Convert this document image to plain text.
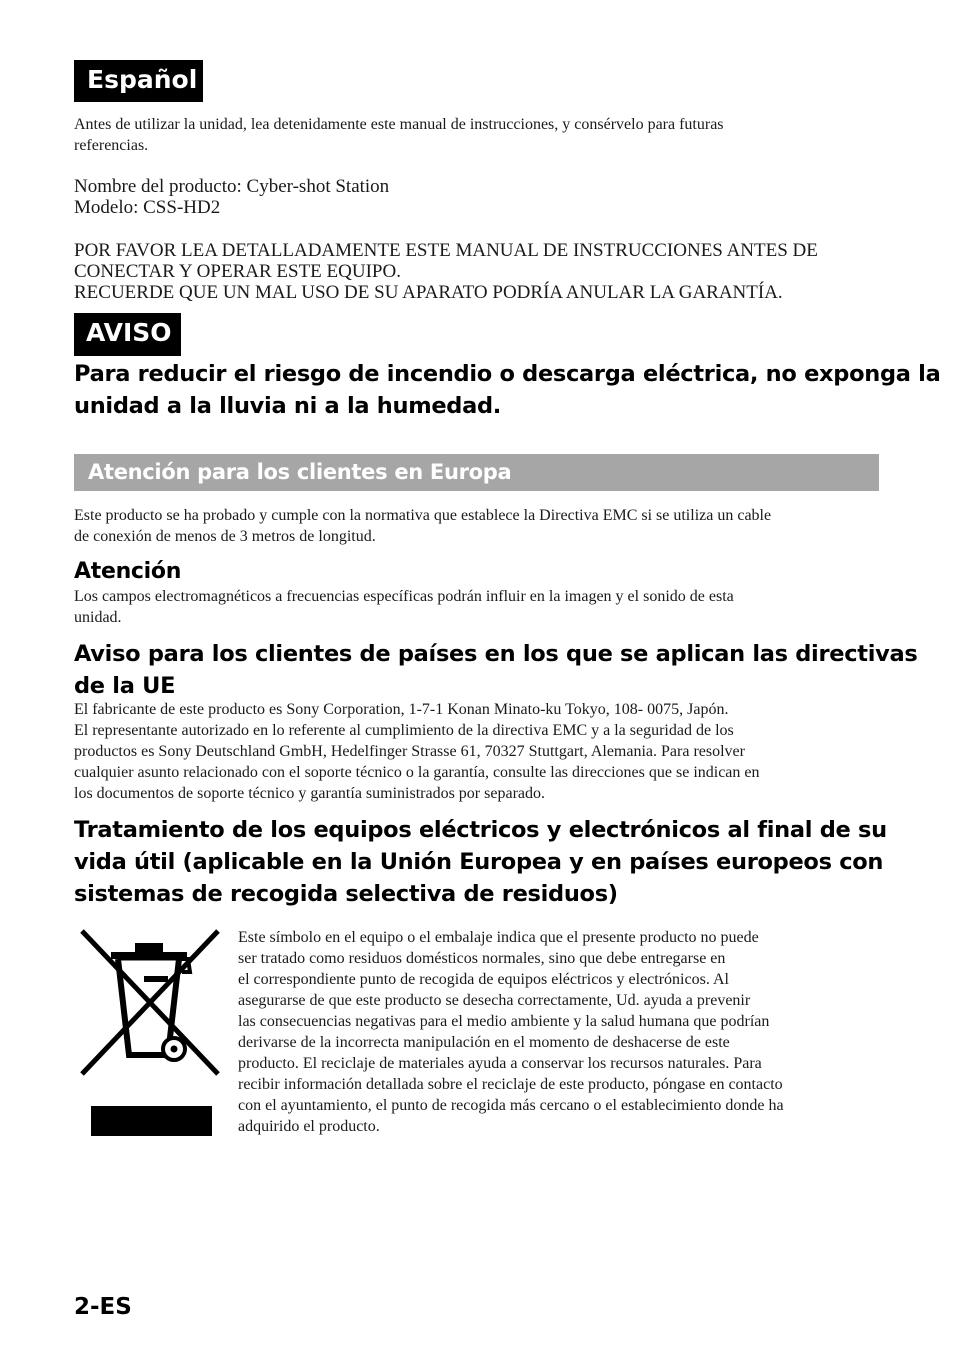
Español
Antes de utilizar la unidad, lea detenidamente este manual de instrucciones, y consérvelo para futuras
referencias.
Nombre del producto: Cyber-shot Station
Modelo: CSS-HD2
POR FAVOR LEA DETALLADAMENTE ESTE MANUAL DE INSTRUCCIONES ANTES DE
CONECTAR Y OPERAR ESTE EQUIPO.
RECUERDE QUE UN MAL USO DE SU APARATO PODRÍA ANULAR LA GARANTÍA.
AVISO
Para reducir el riesgo de incendio o descarga eléctrica, no exponga la
unidad a la lluvia ni a la humedad.
Atención para los clientes en Europa
Este producto se ha probado y cumple con la normativa que establece la Directiva EMC si se utiliza un cable
de conexión de menos de 3 metros de longitud.
Atención
Los campos electromagnéticos a frecuencias específicas podrán influir en la imagen y el sonido de esta
unidad.
Aviso para los clientes de países en los que se aplican las directivas
de la UE
El fabricante de este producto es Sony Corporation, 1-7-1 Konan Minato-ku Tokyo, 108- 0075, Japón.
El representante autorizado en lo referente al cumplimiento de la directiva EMC y a la seguridad de los
productos es Sony Deutschland GmbH, Hedelfinger Strasse 61, 70327 Stuttgart, Alemania. Para resolver
cualquier asunto relacionado con el soporte técnico o la garantía, consulte las direcciones que se indican en
los documentos de soporte técnico y garantía suministrados por separado.
Tratamiento de los equipos eléctricos y electrónicos al final de su
vida útil (aplicable en la Unión Europea y en países europeos con
sistemas de recogida selectiva de residuos)
Este símbolo en el equipo o el embalaje indica que el presente producto no puede
ser tratado como residuos domésticos normales, sino que debe entregarse en
el correspondiente punto de recogida de equipos eléctricos y electrónicos. Al
asegurarse de que este producto se desecha correctamente, Ud. ayuda a prevenir
las consecuencias negativas para el medio ambiente y la salud humana que podrían
derivarse de la incorrecta manipulación en el momento de deshacerse de este
producto. El reciclaje de materiales ayuda a conservar los recursos naturales. Para
recibir información detallada sobre el reciclaje de este producto, póngase en contacto
con el ayuntamiento, el punto de recogida más cercano o el establecimiento donde ha
adquirido el producto.
2-ES
